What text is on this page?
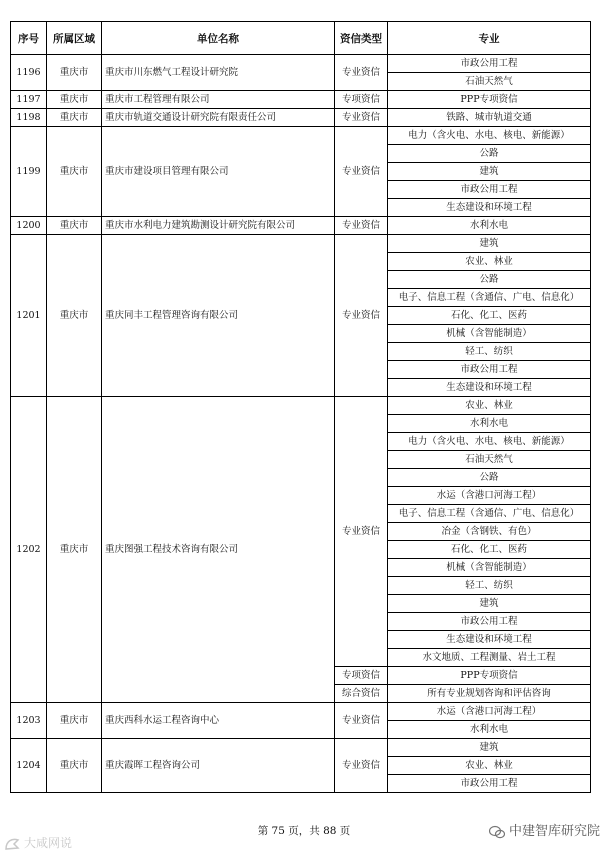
序号	所属区域	单位名称	资信类型	专业
1196	重庆市	重庆市川东燃气工程设计研究院	专业资信	市政公用工程
				石油天然气
1197	重庆市	重庆市工程管理有限公司	专项资信	PPP专项资信
1198	重庆市	重庆市轨道交通设计研究院有限责任公司	专业资信	铁路、城市轨道交通
1199	重庆市	重庆市建设项目管理有限公司	专业资信	电力（含火电、水电、核电、新能源）
				公路
				建筑
				市政公用工程
				生态建设和环境工程
1200	重庆市	重庆市水利电力建筑勘测设计研究院有限公司	专业资信	水利水电
1201	重庆市	重庆同丰工程管理咨询有限公司	专业资信	建筑
				农业、林业
				公路
				电子、信息工程（含通信、广电、信息化）
				石化、化工、医药
				机械（含智能制造）
				轻工、纺织
				市政公用工程
				生态建设和环境工程
1202	重庆市	重庆图强工程技术咨询有限公司	专业资信	农业、林业
				水利水电
				电力（含火电、水电、核电、新能源）
				石油天然气
				公路
				水运（含港口河海工程）
				电子、信息工程（含通信、广电、信息化）
				冶金（含钢铁、有色）
				石化、化工、医药
				机械（含智能制造）
				轻工、纺织
				建筑
				市政公用工程
				生态建设和环境工程
				水文地质、工程测量、岩土工程
			专项资信	PPP专项资信
			综合资信	所有专业规划咨询和评估咨询
1203	重庆市	重庆西科水运工程咨询中心	专业资信	水运（含港口河海工程）
				水利水电
1204	重庆市	重庆霞晖工程咨询公司	专业资信	建筑
				农业、林业
				市政公用工程
第 75 页，共 88 页
大咸网说
中建智库研究院
